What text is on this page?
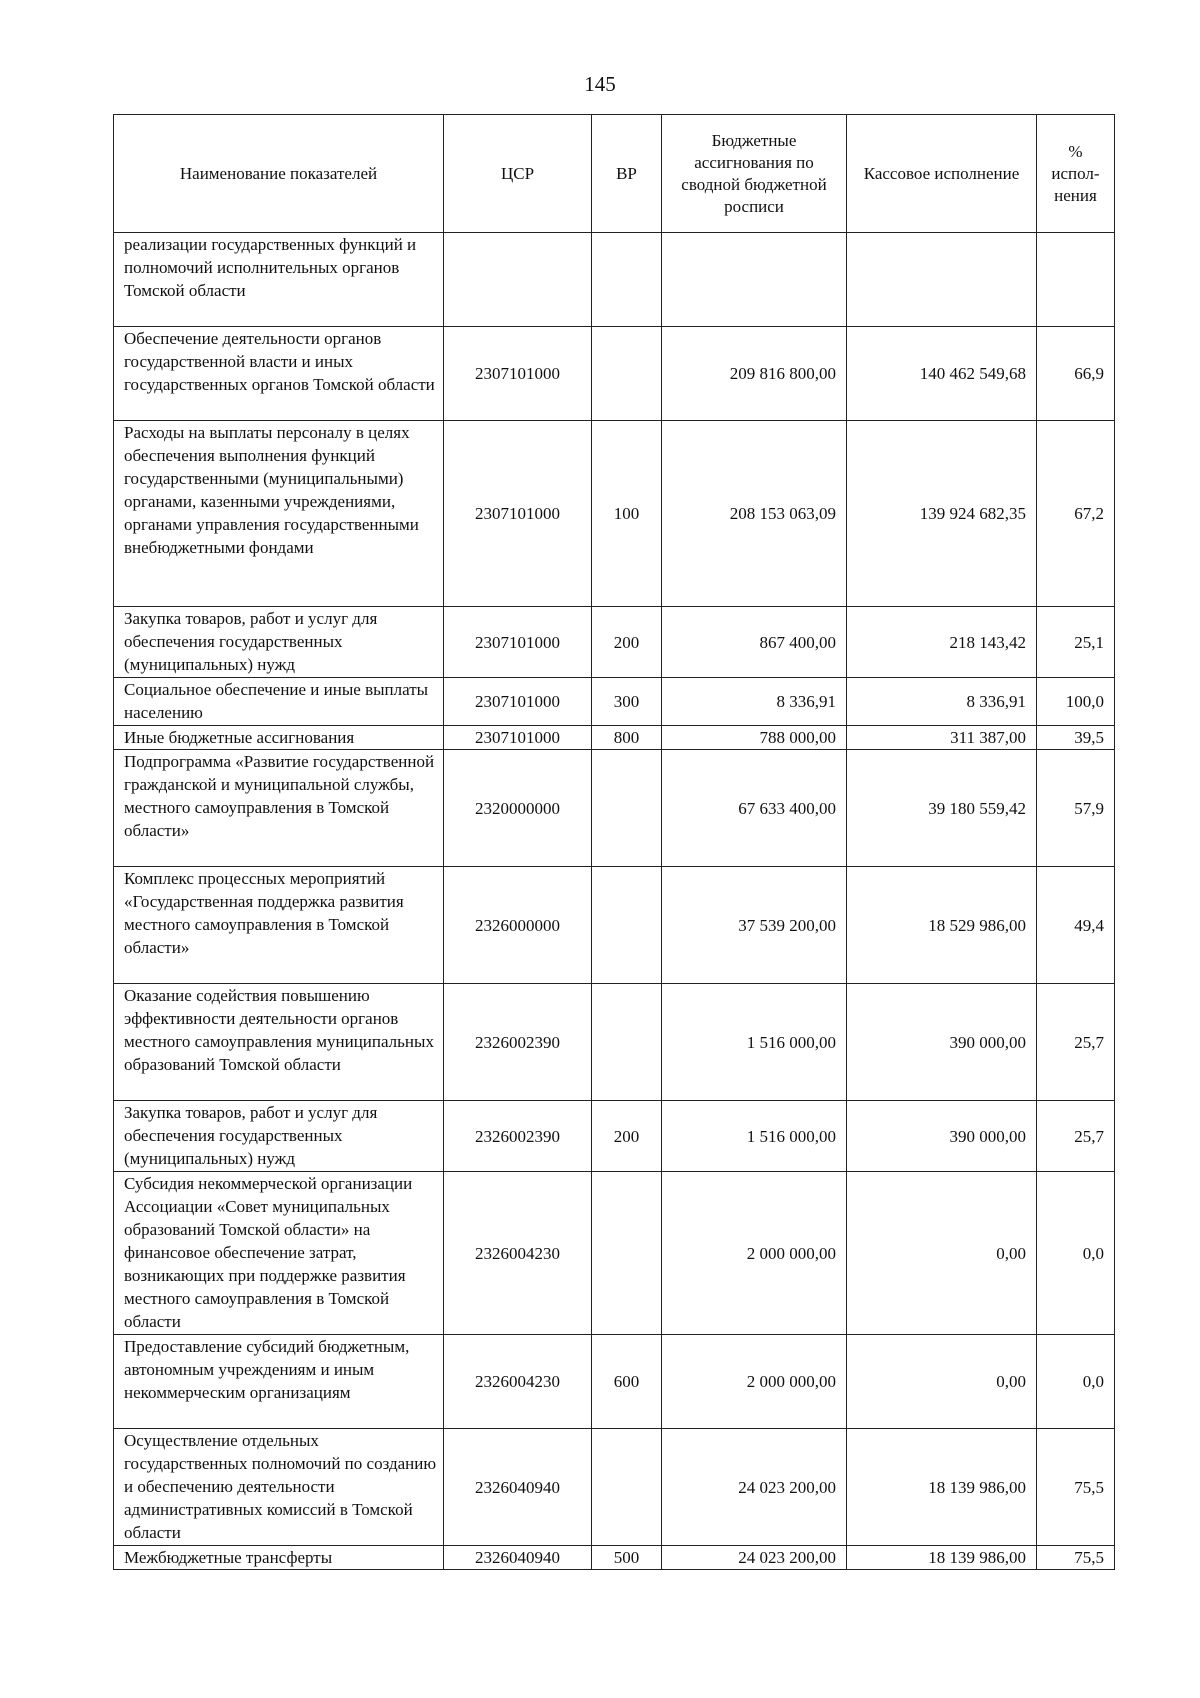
145
Наименование показателей	ЦСР	ВР	Бюджетные ассигнования по сводной бюджетной росписи	Кассовое исполнение	% испол-нения
реализации государственных функций и полномочий исполнительных органов Томской области					
Обеспечение деятельности органов государственной власти и иных государственных органов Томской области	2307101000		209 816 800,00	140 462 549,68	66,9
Расходы на выплаты персоналу в целях обеспечения выполнения функций государственными (муниципальными) органами, казенными учреждениями, органами управления государственными внебюджетными фондами	2307101000	100	208 153 063,09	139 924 682,35	67,2
Закупка товаров, работ и услуг для обеспечения государственных (муниципальных) нужд	2307101000	200	867 400,00	218 143,42	25,1
Социальное обеспечение и иные выплаты населению	2307101000	300	8 336,91	8 336,91	100,0
Иные бюджетные ассигнования	2307101000	800	788 000,00	311 387,00	39,5
Подпрограмма «Развитие государственной гражданской и муниципальной службы, местного самоуправления в Томской области»	2320000000		67 633 400,00	39 180 559,42	57,9
Комплекс процессных мероприятий «Государственная поддержка развития местного самоуправления в Томской области»	2326000000		37 539 200,00	18 529 986,00	49,4
Оказание содействия повышению эффективности деятельности органов местного самоуправления муниципальных образований Томской области	2326002390		1 516 000,00	390 000,00	25,7
Закупка товаров, работ и услуг для обеспечения государственных (муниципальных) нужд	2326002390	200	1 516 000,00	390 000,00	25,7
Субсидия некоммерческой организации Ассоциации «Совет муниципальных образований Томской области» на финансовое обеспечение затрат, возникающих при поддержке развития местного самоуправления в Томской области	2326004230		2 000 000,00	0,00	0,0
Предоставление субсидий бюджетным, автономным учреждениям и иным некоммерческим организациям	2326004230	600	2 000 000,00	0,00	0,0
Осуществление отдельных государственных полномочий по созданию и обеспечению деятельности административных комиссий в Томской области	2326040940		24 023 200,00	18 139 986,00	75,5
Межбюджетные трансферты	2326040940	500	24 023 200,00	18 139 986,00	75,5
